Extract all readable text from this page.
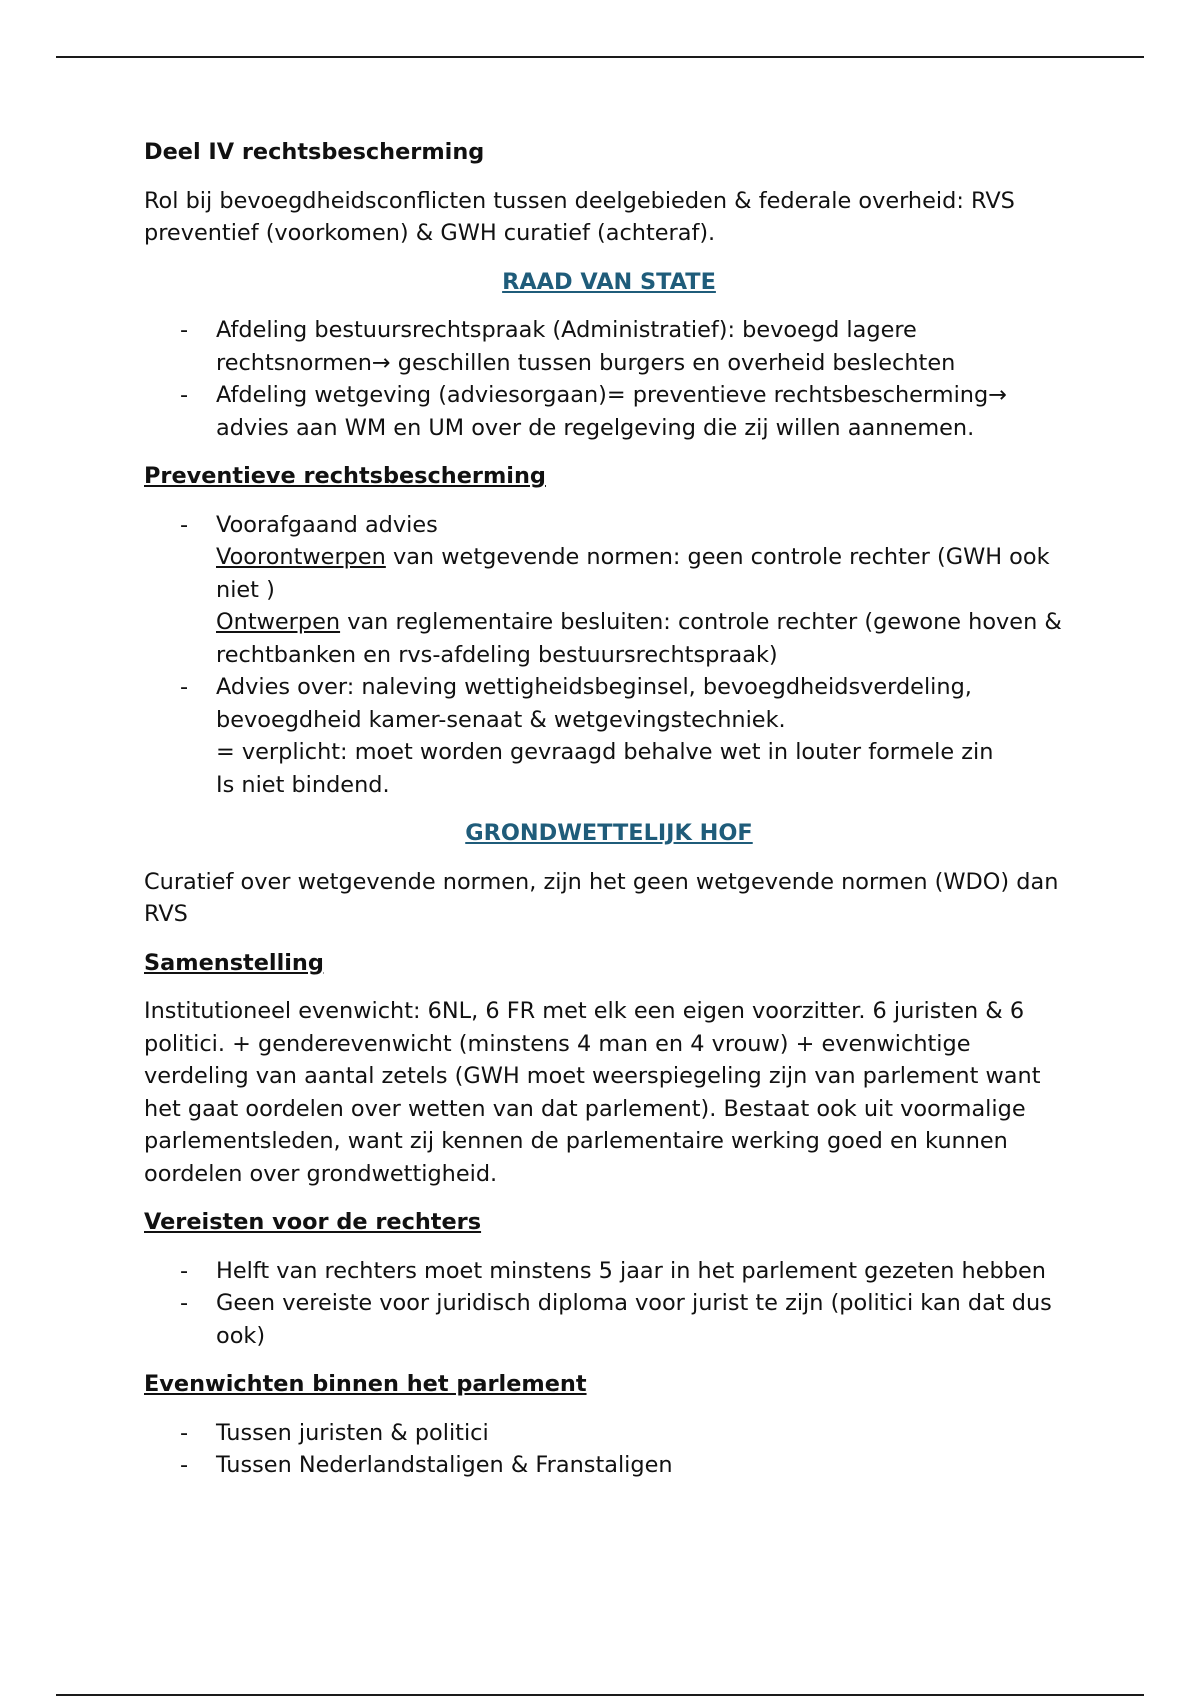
Deel IV rechtsbescherming

Rol bij bevoegdheidsconflicten tussen deelgebieden & federale overheid: RVS preventief (voorkomen) & GWH curatief (achteraf).

RAAD VAN STATE

- Afdeling bestuursrechtspraak (Administratief): bevoegd lagere rechtsnormen→ geschillen tussen burgers en overheid beslechten
- Afdeling wetgeving (adviesorgaan)= preventieve rechtsbescherming→ advies aan WM en UM over de regelgeving die zij willen aannemen.

Preventieve rechtsbescherming

- Voorafgaand advies
Voorontwerpen van wetgevende normen: geen controle rechter (GWH ook niet )
Ontwerpen van reglementaire besluiten: controle rechter (gewone hoven & rechtbanken en rvs-afdeling bestuursrechtspraak)
- Advies over: naleving wettigheidsbeginsel, bevoegdheidsverdeling, bevoegdheid kamer-senaat & wetgevingstechniek.
= verplicht: moet worden gevraagd behalve wet in louter formele zin
Is niet bindend.

GRONDWETTELIJK HOF

Curatief over wetgevende normen, zijn het geen wetgevende normen (WDO) dan RVS

Samenstelling

Institutioneel evenwicht: 6NL, 6 FR met elk een eigen voorzitter. 6 juristen & 6 politici. + genderevenwicht (minstens 4 man en 4 vrouw) + evenwichtige verdeling van aantal zetels (GWH moet weerspiegeling zijn van parlement want het gaat oordelen over wetten van dat parlement). Bestaat ook uit voormalige parlementsleden, want zij kennen de parlementaire werking goed en kunnen oordelen over grondwettigheid.

Vereisten voor de rechters

- Helft van rechters moet minstens 5 jaar in het parlement gezeten hebben
- Geen vereiste voor juridisch diploma voor jurist te zijn (politici kan dat dus ook)

Evenwichten binnen het parlement

- Tussen juristen & politici
- Tussen Nederlandstaligen & Franstaligen
